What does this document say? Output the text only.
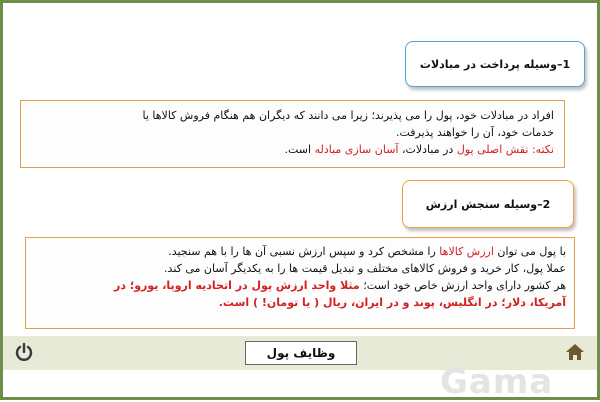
1–وسیله پرداخت در مبادلات

افراد در مبادلات خود، پول را می پذیرند؛ زیرا می دانند که دیگران هم هنگام فروش کالاها یا

خدمات خود، آن را خواهند پذیرفت.

نکته: نقش اصلی پول در مبادلات، آسان سازی مبادله است.

2–وسیله سنجش ارزش

با پول می توان ارزش کالاها را مشخص کرد و سپس ارزش نسبی آن ها را با هم سنجید.

عملا پول، کار خرید و فروش کالاهای مختلف و تبدیل قیمت ها را به یکدیگر آسان می کند.

هر کشور دارای واحد ارزش خاص خود است؛ مثلا واحد ارزش پول در اتحادیه اروپا، یورو؛ در

آمریکا، دلار؛ در انگلیس، پوند و در ایران، ریال ( یا تومان! ) است.

وظایف پول
Gama
